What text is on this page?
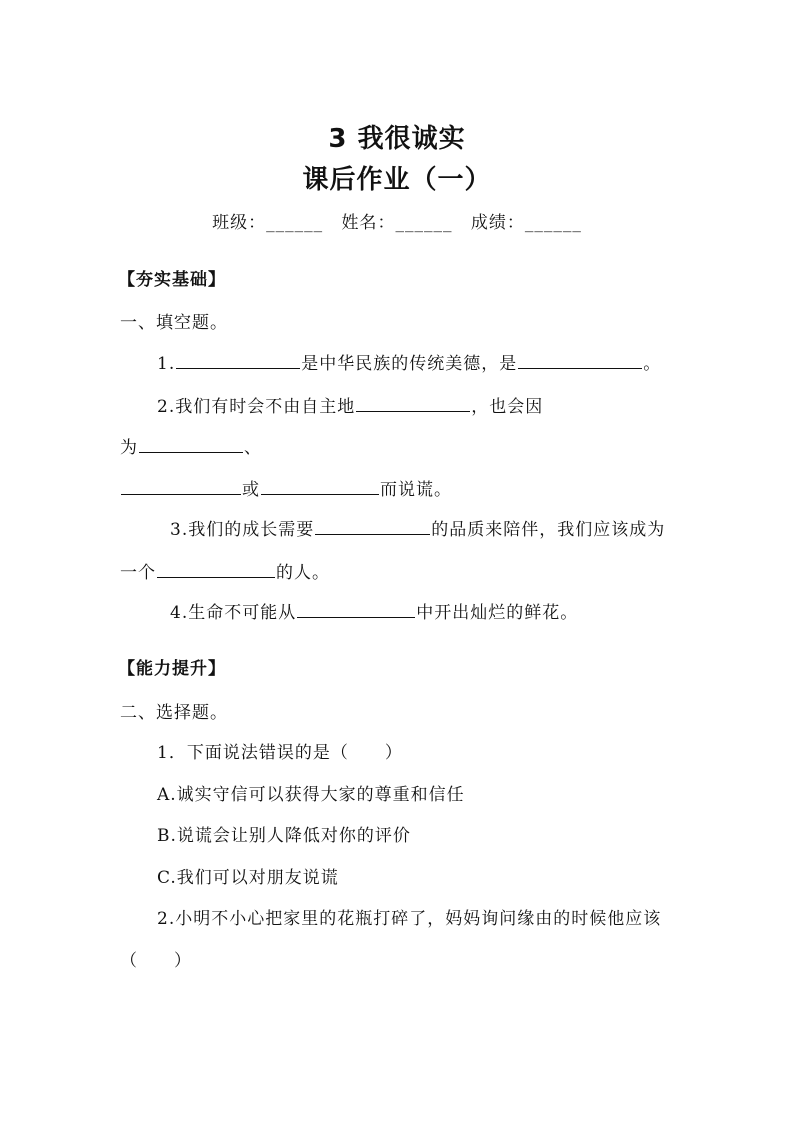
3 我很诚实
课后作业（一）
班级：______ 姓名：______ 成绩：______
【夯实基础】
一、填空题。
1.	是中华民族的传统美德，是	。
2.我们有时会不由自主地	，也会因
为	、
或	而说谎。
3.我们的成长需要	的品质来陪伴，我们应该成为
一个	的人。
4.生命不可能从	中开出灿烂的鲜花。
【能力提升】
二、选择题。
1．下面说法错误的是（　　）
A.诚实守信可以获得大家的尊重和信任
B.说谎会让别人降低对你的评价
C.我们可以对朋友说谎
2.小明不小心把家里的花瓶打碎了，妈妈询问缘由的时候他应该
（　　）
